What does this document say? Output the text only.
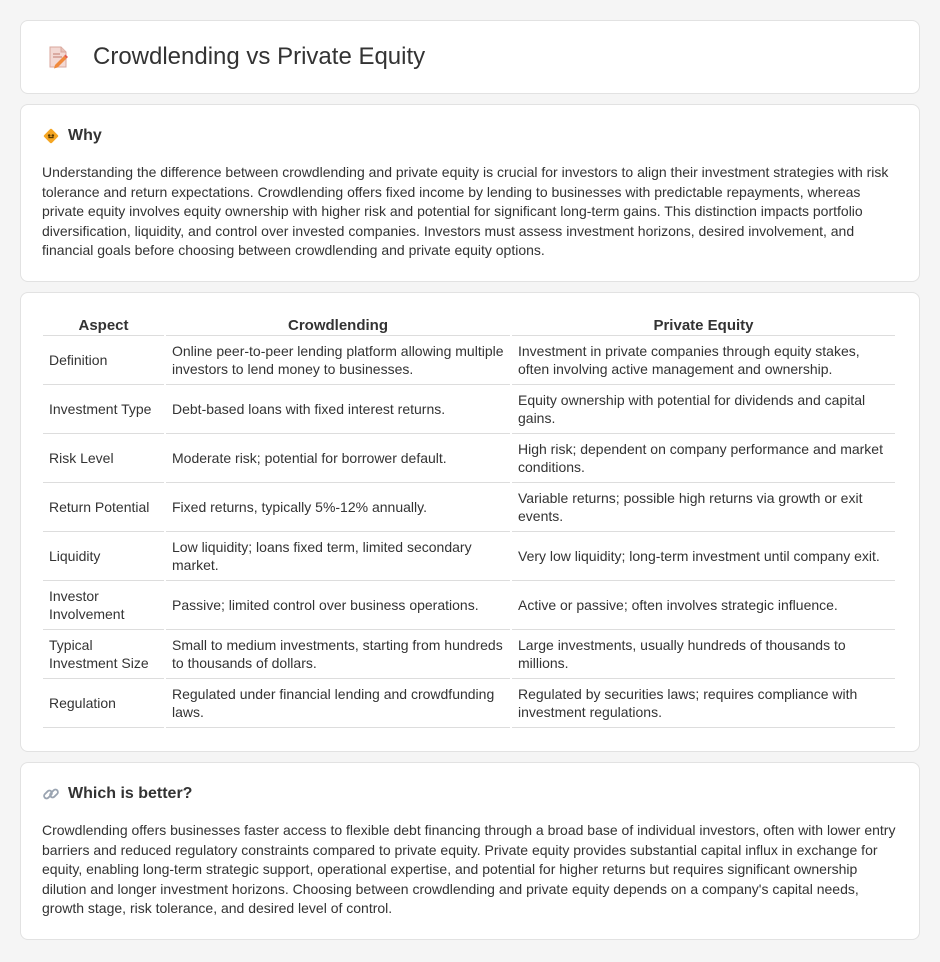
Crowdlending vs Private Equity
Why

Understanding the difference between crowdlending and private equity is crucial for investors to align their investment strategies with risk tolerance and return expectations. Crowdlending offers fixed income by lending to businesses with predictable repayments, whereas private equity involves equity ownership with higher risk and potential for significant long-term gains. This distinction impacts portfolio diversification, liquidity, and control over invested companies. Investors must assess investment horizons, desired involvement, and financial goals before choosing between crowdlending and private equity options.

Aspect	Crowdlending	Private Equity
Definition	Online peer-to-peer lending platform allowing multiple investors to lend money to businesses.	Investment in private companies through equity stakes, often involving active management and ownership.
Investment Type	Debt-based loans with fixed interest returns.	Equity ownership with potential for dividends and capital gains.
Risk Level	Moderate risk; potential for borrower default.	High risk; dependent on company performance and market conditions.
Return Potential	Fixed returns, typically 5%-12% annually.	Variable returns; possible high returns via growth or exit events.
Liquidity	Low liquidity; loans fixed term, limited secondary market.	Very low liquidity; long-term investment until company exit.
Investor Involvement	Passive; limited control over business operations.	Active or passive; often involves strategic influence.
Typical Investment Size	Small to medium investments, starting from hundreds to thousands of dollars.	Large investments, usually hundreds of thousands to millions.
Regulation	Regulated under financial lending and crowdfunding laws.	Regulated by securities laws; requires compliance with investment regulations.
Which is better?

Crowdlending offers businesses faster access to flexible debt financing through a broad base of individual investors, often with lower entry barriers and reduced regulatory constraints compared to private equity. Private equity provides substantial capital influx in exchange for equity, enabling long-term strategic support, operational expertise, and potential for higher returns but requires significant ownership dilution and longer investment horizons. Choosing between crowdlending and private equity depends on a company's capital needs, growth stage, risk tolerance, and desired level of control.
